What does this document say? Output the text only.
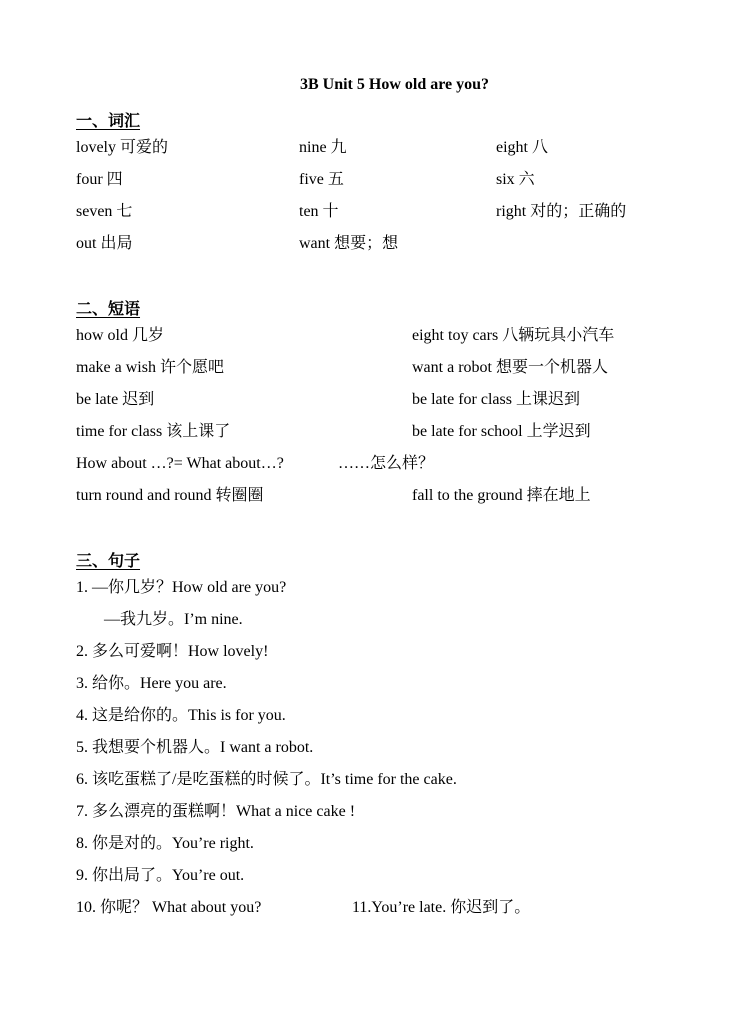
3B Unit 5 How old are you?
一、词汇
lovely 可爱的	nine 九	eight 八
four 四	five 五	six 六
seven 七	ten 十	right 对的；正确的
out 出局	want 想要；想
二、短语
how old 几岁	eight toy cars 八辆玩具小汽车
make a wish 许个愿吧	want a robot 想要一个机器人
be late 迟到	be late for class 上课迟到
time for class 该上课了	be late for school 上学迟到
How about …?= What about…?	……怎么样？
turn round and round 转圈圈	fall to the ground 摔在地上
三、句子
1. —你几岁？How old are you?
—我九岁。I’m nine.
2. 多么可爱啊！How lovely!
3. 给你。Here you are.
4. 这是给你的。This is for you.
5. 我想要个机器人。I want a robot.
6. 该吃蛋糕了/是吃蛋糕的时候了。It’s time for the cake.
7. 多么漂亮的蛋糕啊！What a nice cake !
8. 你是对的。You’re right.
9. 你出局了。You’re out.
10. 你呢？ What about you?	11.You’re late. 你迟到了。
